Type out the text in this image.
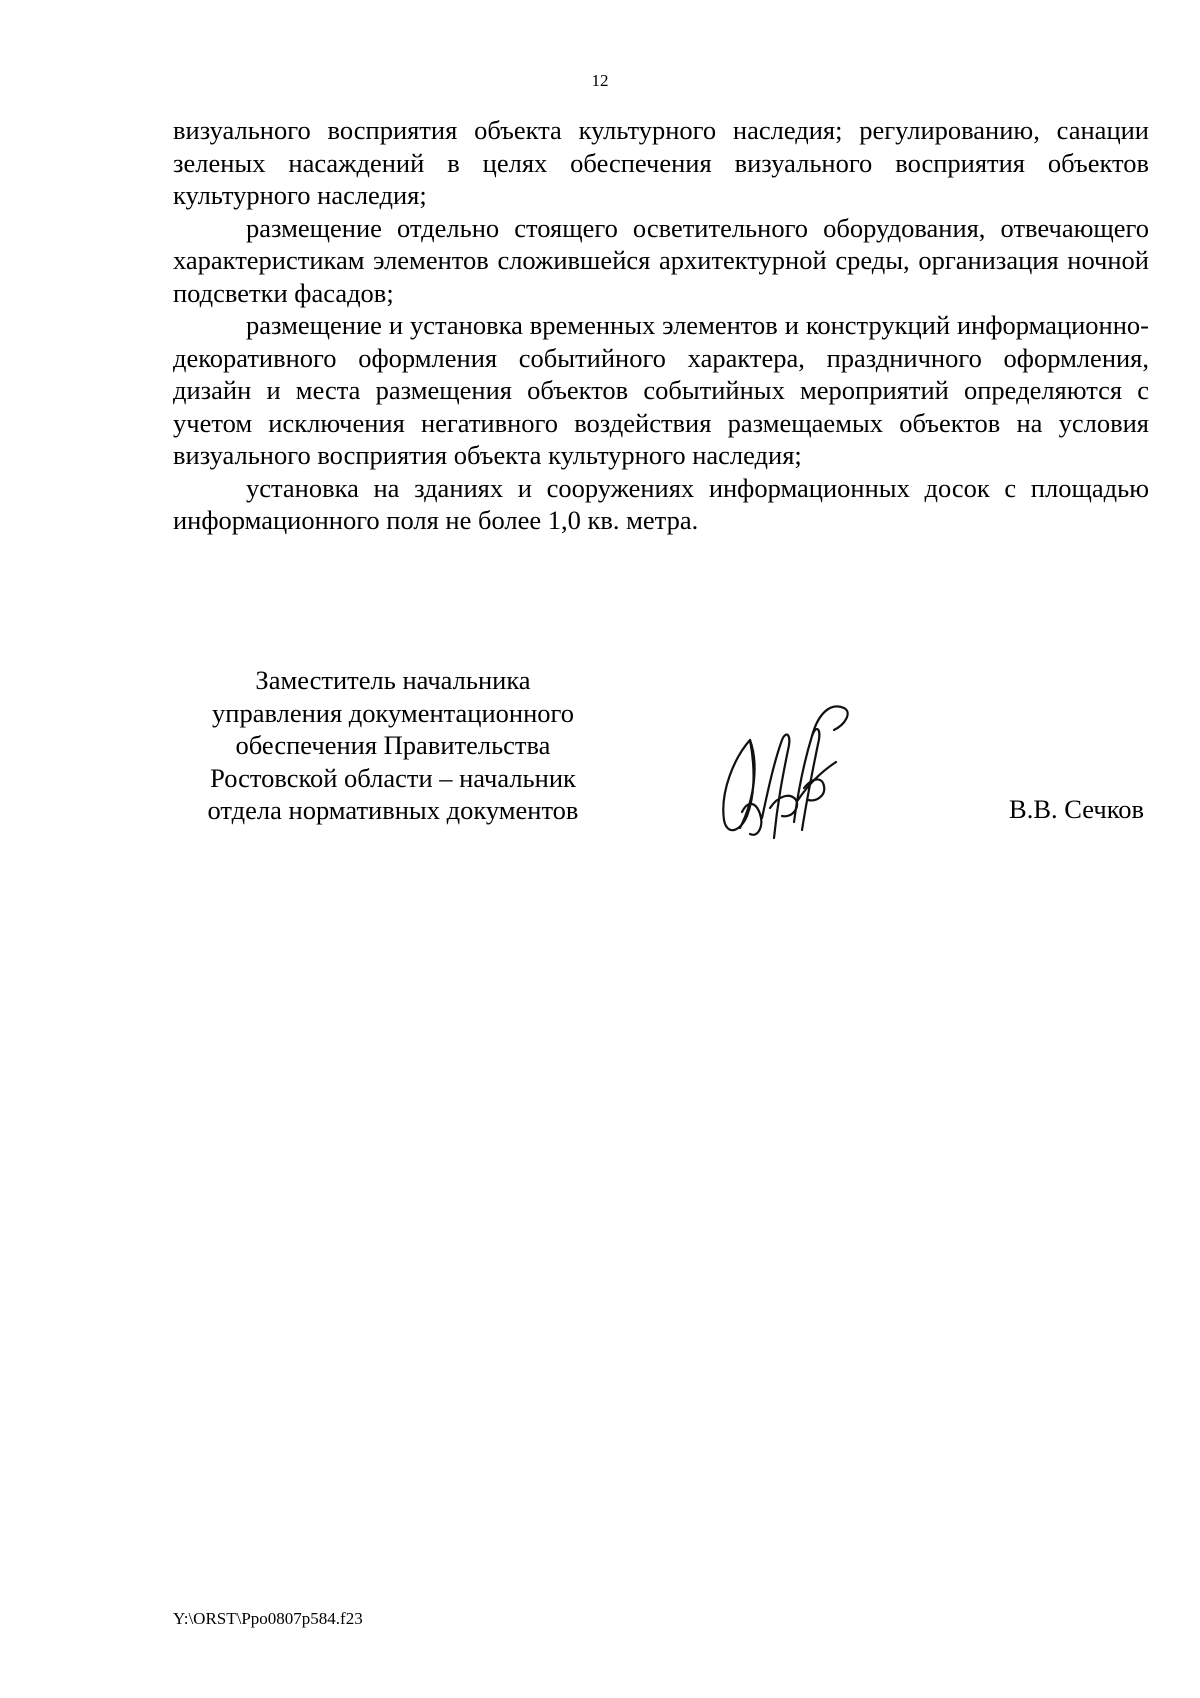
12

визуального восприятия объекта культурного наследия; регулированию, санации зеленых насаждений в целях обеспечения визуального восприятия объектов культурного наследия;

размещение отдельно стоящего осветительного оборудования, отвечающего характеристикам элементов сложившейся архитектурной среды, организация ночной подсветки фасадов;

размещение и установка временных элементов и конструкций информационно-декоративного оформления событийного характера, праздничного оформления, дизайн и места размещения объектов событийных мероприятий определяются с учетом исключения негативного воздействия размещаемых объектов на условия визуального восприятия объекта культурного наследия;

установка на зданиях и сооружениях информационных досок с площадью информационного поля не более 1,0 кв. метра.

Заместитель начальника
управления документационного
обеспечения Правительства
Ростовской области – начальник
отдела нормативных документов	В.В. Сечков
Y:\ORST\Ppo0807p584.f23
